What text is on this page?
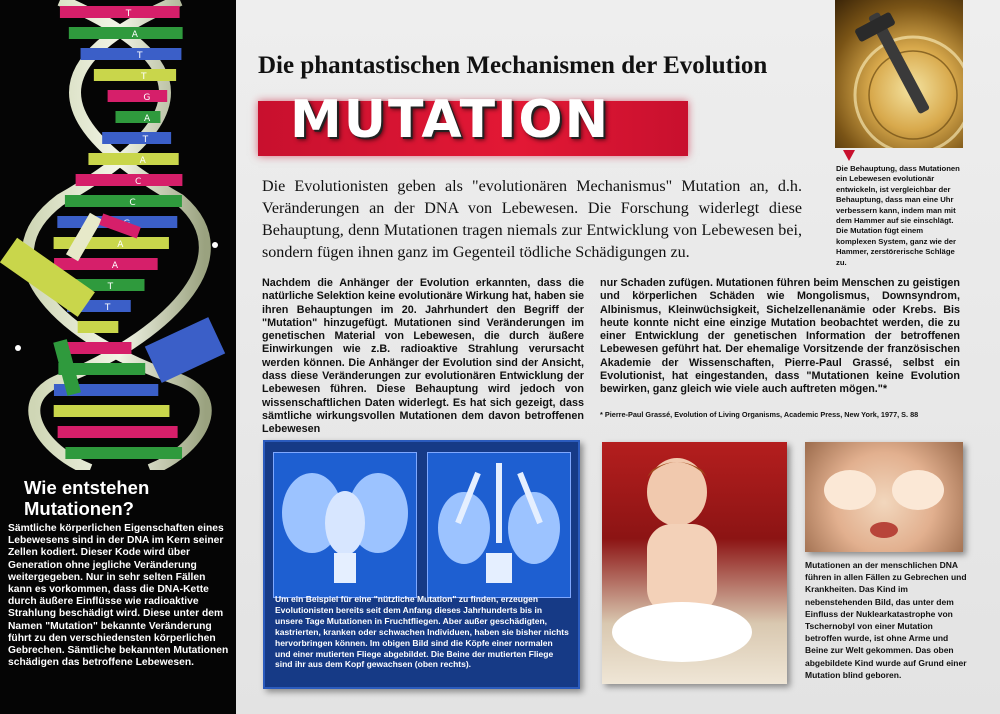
T
A
T
T
G
A
T
A
C
C
A
A
T
T
Wie entstehen Mutationen?

Sämtliche körperlichen Eigenschaften eines Lebewesens sind in der DNA im Kern seiner Zellen kodiert. Dieser Kode wird über Generation ohne jegliche Veränderung weitergegeben. Nur in sehr selten Fällen kann es vorkommen, dass die DNA-Kette durch äußere Einflüsse wie radioaktive Strahlung beschädigt wird. Diese unter dem Namen "Mutation" bekannte Veränderung führt zu den verschiedensten körperlichen Gebrechen. Sämtliche bekannten Mutationen schädigen das betroffene Lebewesen.

Die phantastischen Mechanismen der Evolution
MUTATION

Die Evolutionisten geben als "evolutionären Mechanismus" Mutation an, d.h. Veränderungen an der DNA von Lebewesen. Die Forschung widerlegt diese Behauptung, denn Mutationen tragen niemals zur Entwicklung von Lebewesen bei, sondern fügen ihnen ganz im Gegenteil tödliche Schädigungen zu.

Nachdem die Anhänger der Evolution erkannten, dass die natürliche Selektion keine evolutionäre Wirkung hat, haben sie ihren Behauptungen im 20. Jahrhundert den Begriff der "Mutation" hinzugefügt. Mutationen sind Veränderungen im genetischen Material von Lebewesen, die durch äußere Einwirkungen wie z.B. radioaktive Strahlung verursacht werden können. Die Anhänger der Evolution sind der Ansicht, dass diese Veränderungen zur evolutionären Entwicklung der Lebewesen führen. Diese Behauptung wird jedoch von wissenschaftlichen Daten widerlegt. Es hat sich gezeigt, dass sämtliche wirkungsvollen Mutationen dem davon betroffenen Lebewesen

nur Schaden zufügen. Mutationen führen beim Menschen zu geistigen und körperlichen Schäden wie Mongolismus, Downsyndrom, Albinismus, Kleinwüchsigkeit, Sichelzellenanämie oder Krebs. Bis heute konnte nicht eine einzige Mutation beobachtet werden, die zu einer Entwicklung der genetischen Information der betroffenen Lebewesen geführt hat. Der ehemalige Vorsitzende der französischen Akademie der Wissenschaften, Pierre-Paul Grassé, selbst ein Evolutionist, hat eingestanden, dass "Mutationen keine Evolution bewirken, ganz gleich wie viele auch auftreten mögen."*

* Pierre-Paul Grassé, Evolution of Living Organisms, Academic Press, New York, 1977, S. 88

Die Behauptung, dass Mutationen ein Lebewesen evolutionär entwickeln, ist vergleichbar der Behauptung, dass man eine Uhr verbessern kann, indem man mit dem Hammer auf sie einschlägt. Die Mutation fügt einem komplexen System, ganz wie der Hammer, zerstörerische Schläge zu.

Um ein Beispiel für eine "nützliche Mutation" zu finden, erzeugen Evolutionisten bereits seit dem Anfang dieses Jahrhunderts bis in unsere Tage Mutationen in Fruchtfliegen. Aber außer geschädigten, kastrierten, kranken oder schwachen Individuen, haben sie bisher nichts hervorbringen können. Im obigen Bild sind die Köpfe einer normalen und einer mutierten Fliege abgebildet. Die Beine der mutierten Fliege sind ihr aus dem Kopf gewachsen (oben rechts).

Mutationen an der menschlichen DNA führen in allen Fällen zu Gebrechen und Krankheiten. Das Kind im nebenstehenden Bild, das unter dem Einfluss der Nuklearkatastrophe von Tschernobyl von einer Mutation betroffen wurde, ist ohne Arme und Beine zur Welt gekommen. Das oben abgebildete Kind wurde auf Grund einer Mutation blind geboren.
